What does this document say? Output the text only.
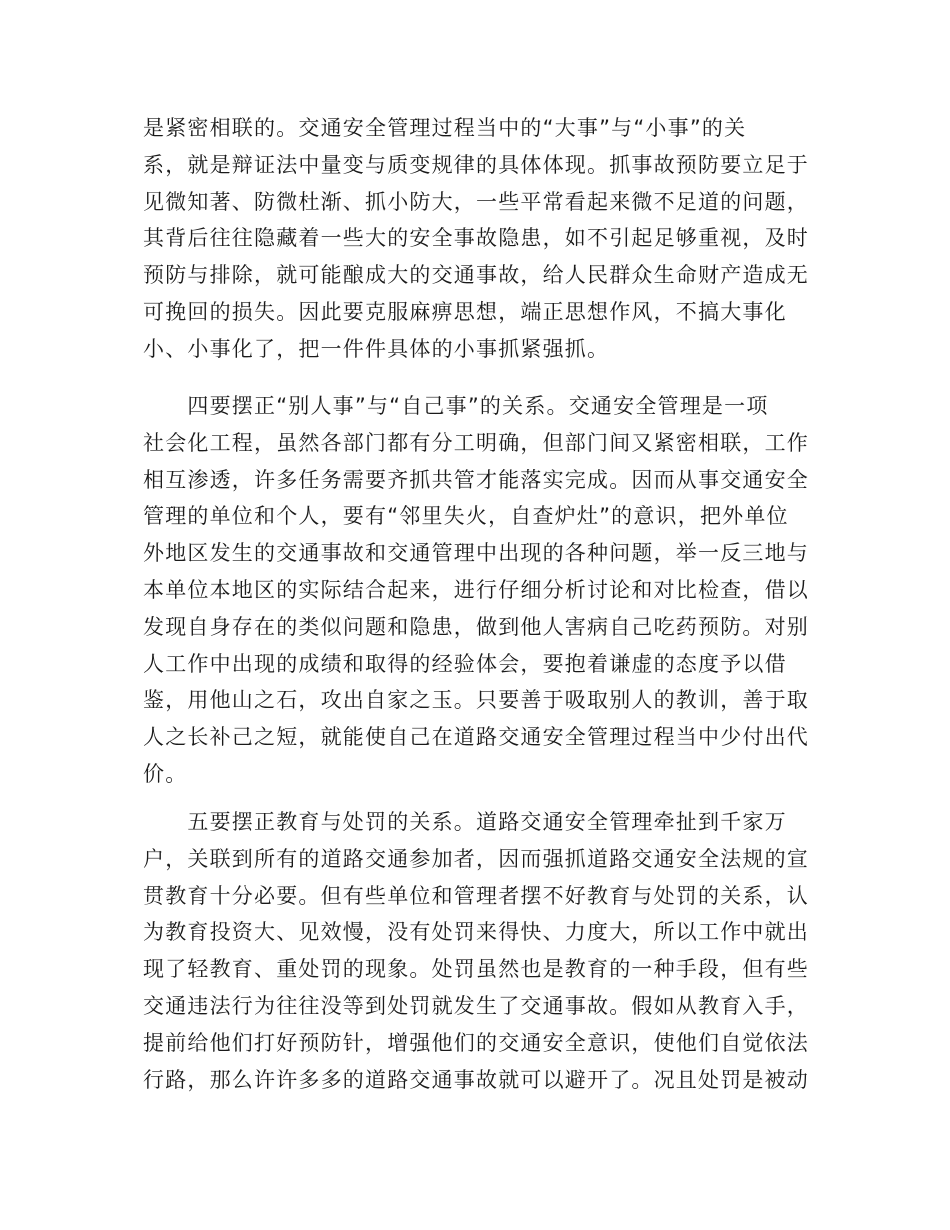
是紧密相联的。交通安全管理过程当中的“大事”与“小事”的关
系，就是辩证法中量变与质变规律的具体体现。抓事故预防要立足于
见微知著、防微杜渐、抓小防大，一些平常看起来微不足道的问题，
其背后往往隐藏着一些大的安全事故隐患，如不引起足够重视，及时
预防与排除，就可能酿成大的交通事故，给人民群众生命财产造成无
可挽回的损失。因此要克服麻痹思想，端正思想作风，不搞大事化
小、小事化了，把一件件具体的小事抓紧强抓。
　　四要摆正“别人事”与“自己事”的关系。交通安全管理是一项
社会化工程，虽然各部门都有分工明确，但部门间又紧密相联，工作
相互渗透，许多任务需要齐抓共管才能落实完成。因而从事交通安全
管理的单位和个人，要有“邻里失火，自查炉灶”的意识，把外单位
外地区发生的交通事故和交通管理中出现的各种问题，举一反三地与
本单位本地区的实际结合起来，进行仔细分析讨论和对比检查，借以
发现自身存在的类似问题和隐患，做到他人害病自己吃药预防。对别
人工作中出现的成绩和取得的经验体会，要抱着谦虚的态度予以借
鉴，用他山之石，攻出自家之玉。只要善于吸取别人的教训，善于取
人之长补己之短，就能使自己在道路交通安全管理过程当中少付出代
价。
　　五要摆正教育与处罚的关系。道路交通安全管理牵扯到千家万
户，关联到所有的道路交通参加者，因而强抓道路交通安全法规的宣
贯教育十分必要。但有些单位和管理者摆不好教育与处罚的关系，认
为教育投资大、见效慢，没有处罚来得快、力度大，所以工作中就出
现了轻教育、重处罚的现象。处罚虽然也是教育的一种手段，但有些
交通违法行为往往没等到处罚就发生了交通事故。假如从教育入手，
提前给他们打好预防针，增强他们的交通安全意识，使他们自觉依法
行路，那么许许多多的道路交通事故就可以避开了。况且处罚是被动
